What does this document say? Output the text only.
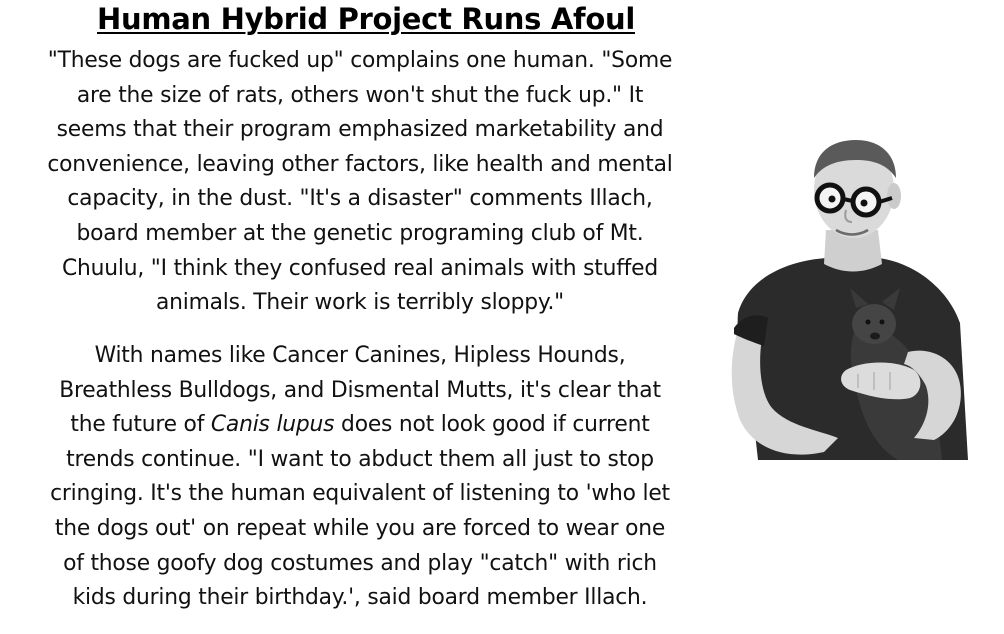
Human Hybrid Project Runs Afoul
"These dogs are fucked up" complains one human. "Some
are the size of rats, others won't shut the fuck up." It
seems that their program emphasized marketability and
convenience, leaving other factors, like health and mental
capacity, in the dust. "It's a disaster" comments Illach,
board member at the genetic programing club of Mt.
Chuulu, "I think they confused real animals with stuffed
animals. Their work is terribly sloppy."
With names like Cancer Canines, Hipless Hounds,
Breathless Bulldogs, and Dismental Mutts, it's clear that
the future of Canis lupus does not look good if current
trends continue. "I want to abduct them all just to stop
cringing. It's the human equivalent of listening to 'who let
the dogs out' on repeat while you are forced to wear one
of those goofy dog costumes and play "catch" with rich
kids during their birthday.', said board member Illach.
